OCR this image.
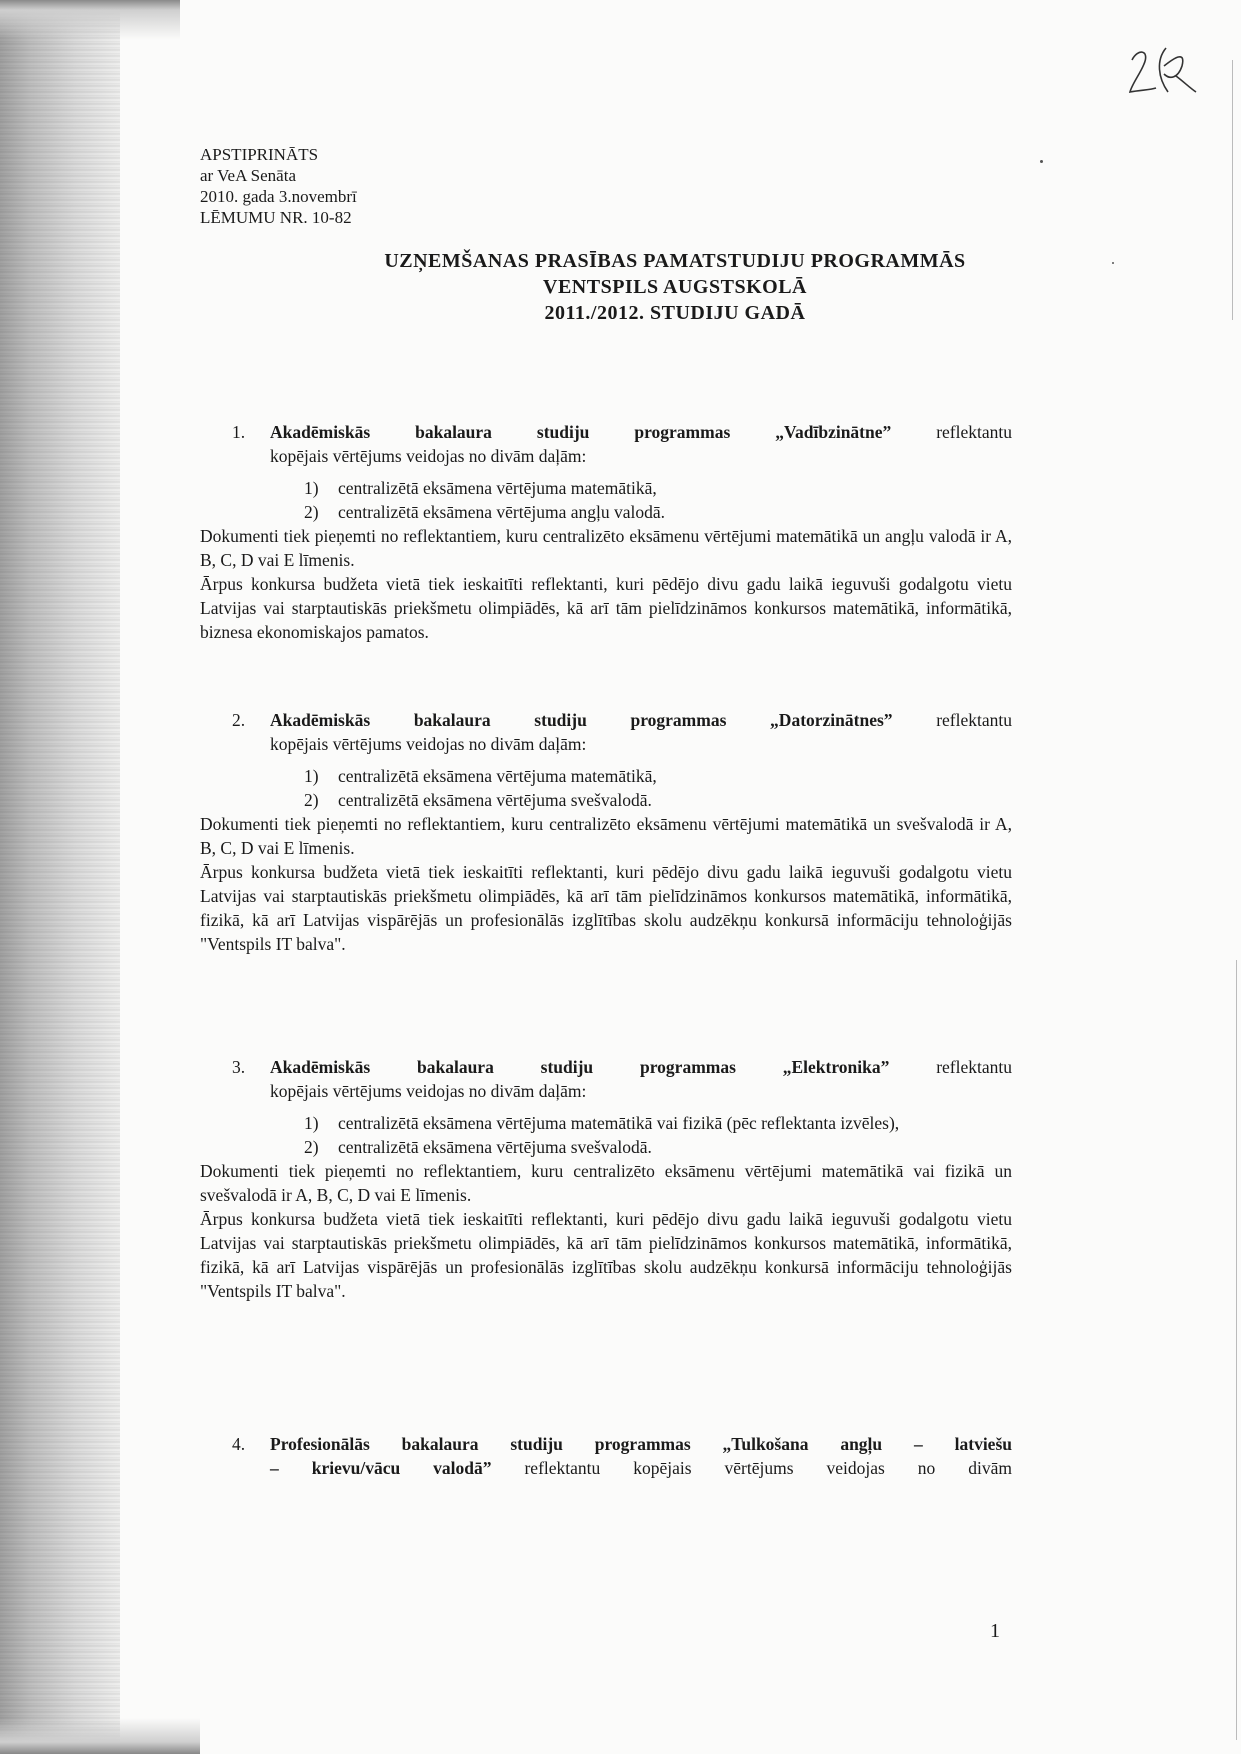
APSTIPRINĀTS
ar VeA Senāta
2010. gada 3.novembrī
LĒMUMU NR. 10-82
UZŅEMŠANAS PRASĪBAS PAMATSTUDIJU PROGRAMMĀS
VENTSPILS AUGSTSKOLĀ
2011./2012. STUDIJU GADĀ
1. Akadēmiskās bakalaura studiju programmas „Vadībzinātne” reflektantu
kopējais vērtējums veidojas no divām daļām:
1) centralizētā eksāmena vērtējuma matemātikā,
2) centralizētā eksāmena vērtējuma angļu valodā.
Dokumenti tiek pieņemti no reflektantiem, kuru centralizēto eksāmenu vērtējumi matemātikā un angļu valodā ir A, B, C, D vai E līmenis.
Ārpus konkursa budžeta vietā tiek ieskaitīti reflektanti, kuri pēdējo divu gadu laikā ieguvuši godalgotu vietu Latvijas vai starptautiskās priekšmetu olimpiādēs, kā arī tām pielīdzināmos konkursos matemātikā, informātikā, biznesa ekonomiskajos pamatos.
2. Akadēmiskās bakalaura studiju programmas „Datorzinātnes” reflektantu
kopējais vērtējums veidojas no divām daļām:
1) centralizētā eksāmena vērtējuma matemātikā,
2) centralizētā eksāmena vērtējuma svešvalodā.
Dokumenti tiek pieņemti no reflektantiem, kuru centralizēto eksāmenu vērtējumi matemātikā un svešvalodā ir A, B, C, D vai E līmenis.
Ārpus konkursa budžeta vietā tiek ieskaitīti reflektanti, kuri pēdējo divu gadu laikā ieguvuši godalgotu vietu Latvijas vai starptautiskās priekšmetu olimpiādēs, kā arī tām pielīdzināmos konkursos matemātikā, informātikā, fizikā, kā arī Latvijas vispārējās un profesionālās izglītības skolu audzēkņu konkursā informāciju tehnoloģijās "Ventspils IT balva".
3. Akadēmiskās bakalaura studiju programmas „Elektronika” reflektantu
kopējais vērtējums veidojas no divām daļām:
1) centralizētā eksāmena vērtējuma matemātikā vai fizikā (pēc reflektanta izvēles),
2) centralizētā eksāmena vērtējuma svešvalodā.
Dokumenti tiek pieņemti no reflektantiem, kuru centralizēto eksāmenu vērtējumi matemātikā vai fizikā un svešvalodā ir A, B, C, D vai E līmenis.
Ārpus konkursa budžeta vietā tiek ieskaitīti reflektanti, kuri pēdējo divu gadu laikā ieguvuši godalgotu vietu Latvijas vai starptautiskās priekšmetu olimpiādēs, kā arī tām pielīdzināmos konkursos matemātikā, informātikā, fizikā, kā arī Latvijas vispārējās un profesionālās izglītības skolu audzēkņu konkursā informāciju tehnoloģijās "Ventspils IT balva".
4. Profesionālās bakalaura studiju programmas „Tulkošana angļu – latviešu
– krievu/vācu valodā” reflektantu kopējais vērtējums veidojas no divām
1
